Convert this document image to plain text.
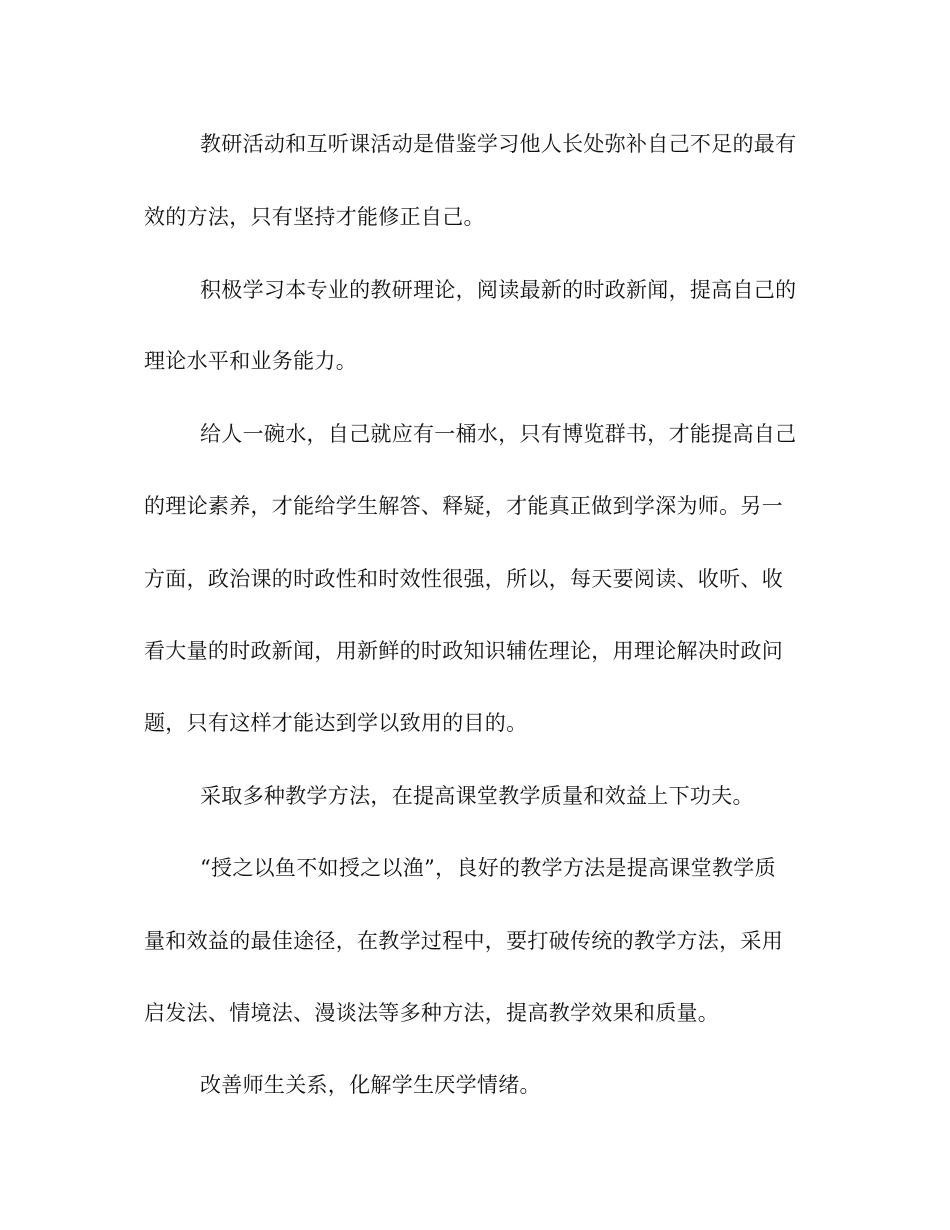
教研活动和互听课活动是借鉴学习他人长处弥补自己不足的最有
效的方法，只有坚持才能修正自己。
积极学习本专业的教研理论，阅读最新的时政新闻，提高自己的
理论水平和业务能力。
给人一碗水，自己就应有一桶水，只有博览群书，才能提高自己
的理论素养，才能给学生解答、释疑，才能真正做到学深为师。另一
方面，政治课的时政性和时效性很强，所以，每天要阅读、收听、收
看大量的时政新闻，用新鲜的时政知识辅佐理论，用理论解决时政问
题，只有这样才能达到学以致用的目的。
采取多种教学方法，在提高课堂教学质量和效益上下功夫。
“授之以鱼不如授之以渔”，良好的教学方法是提高课堂教学质
量和效益的最佳途径，在教学过程中，要打破传统的教学方法，采用
启发法、情境法、漫谈法等多种方法，提高教学效果和质量。
改善师生关系，化解学生厌学情绪。
